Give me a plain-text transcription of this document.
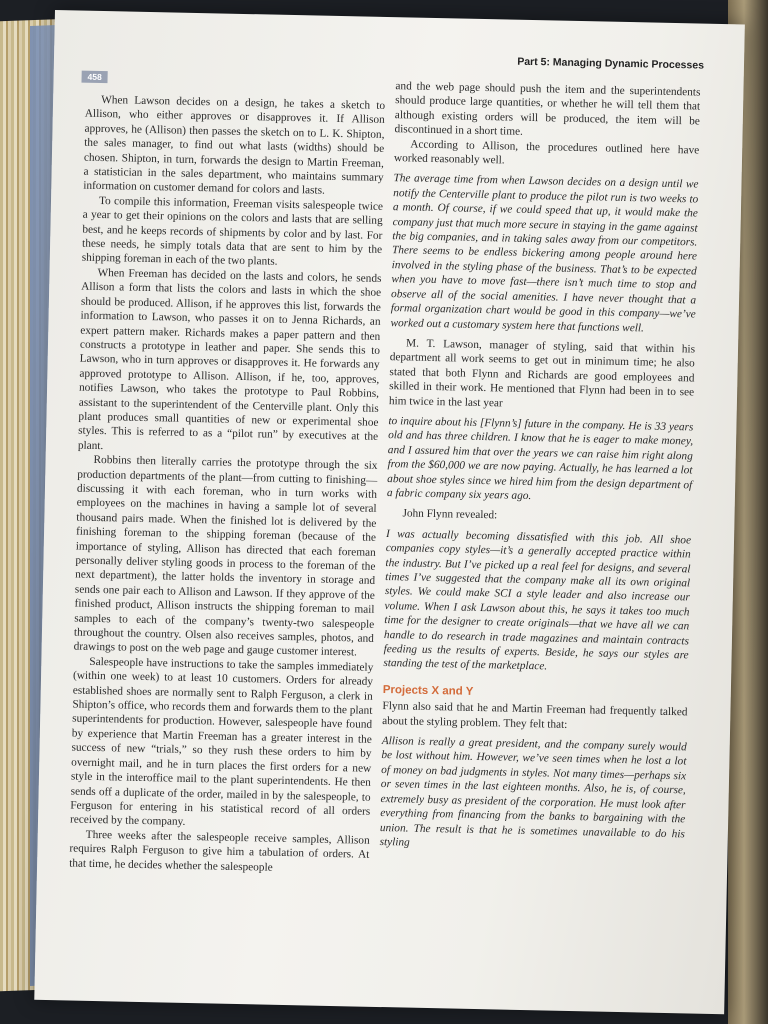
Part 5: Managing Dynamic Processes
458

When Lawson decides on a design, he takes a sketch to Allison, who either approves or disapproves it. If Allison approves, he (Allison) then passes the sketch on to L. K. Shipton, the sales manager, to find out what lasts (widths) should be chosen. Shipton, in turn, forwards the design to Martin Freeman, a statistician in the sales department, who maintains summary information on customer demand for colors and lasts.

To compile this information, Freeman visits salespeople twice a year to get their opinions on the colors and lasts that are selling best, and he keeps records of shipments by color and by last. For these needs, he simply totals data that are sent to him by the shipping foreman in each of the two plants.

When Freeman has decided on the lasts and colors, he sends Allison a form that lists the colors and lasts in which the shoe should be produced. Allison, if he approves this list, forwards the information to Lawson, who passes it on to Jenna Richards, an expert pattern maker. Richards makes a paper pattern and then constructs a prototype in leather and paper. She sends this to Lawson, who in turn approves or disapproves it. He forwards any approved prototype to Allison. Allison, if he, too, approves, notifies Lawson, who takes the prototype to Paul Robbins, assistant to the superintendent of the Centerville plant. Only this plant produces small quantities of new or experimental shoe styles. This is referred to as a “pilot run” by executives at the plant.

Robbins then literally carries the prototype through the six production departments of the plant—from cutting to finishing—discussing it with each foreman, who in turn works with employees on the machines in having a sample lot of several thousand pairs made. When the finished lot is delivered by the finishing foreman to the shipping foreman (because of the importance of styling, Allison has directed that each foreman personally deliver styling goods in process to the foreman of the next department), the latter holds the inventory in storage and sends one pair each to Allison and Lawson. If they approve of the finished product, Allison instructs the shipping foreman to mail samples to each of the company’s twenty-two salespeople throughout the country. Olsen also receives samples, photos, and drawings to post on the web page and gauge customer interest.

Salespeople have instructions to take the samples immediately (within one week) to at least 10 customers. Orders for already established shoes are normally sent to Ralph Ferguson, a clerk in Shipton’s office, who records them and forwards them to the plant superintendents for production. However, salespeople have found by experience that Martin Freeman has a greater interest in the success of new “trials,” so they rush these orders to him by overnight mail, and he in turn places the first orders for a new style in the interoffice mail to the plant superintendents. He then sends off a duplicate of the order, mailed in by the salespeople, to Ferguson for entering in his statistical record of all orders received by the company.

Three weeks after the salespeople receive samples, Allison requires Ralph Ferguson to give him a tabulation of orders. At that time, he decides whether the salespeople

and the web page should push the item and the superintendents should produce large quantities, or whether he will tell them that although existing orders will be produced, the item will be discontinued in a short time.

According to Allison, the procedures outlined here have worked reasonably well.

The average time from when Lawson decides on a design until we notify the Centerville plant to produce the pilot run is two weeks to a month. Of course, if we could speed that up, it would make the company just that much more secure in staying in the game against the big companies, and in taking sales away from our competitors. There seems to be endless bickering among people around here involved in the styling phase of the business. That’s to be expected when you have to move fast—there isn’t much time to stop and observe all of the social amenities. I have never thought that a formal organization chart would be good in this company—we’ve worked out a customary system here that functions well.

M. T. Lawson, manager of styling, said that within his department all work seems to get out in minimum time; he also stated that both Flynn and Richards are good employees and skilled in their work. He mentioned that Flynn had been in to see him twice in the last year

to inquire about his [Flynn’s] future in the company. He is 33 years old and has three children. I know that he is eager to make money, and I assured him that over the years we can raise him right along from the $60,000 we are now paying. Actually, he has learned a lot about shoe styles since we hired him from the design department of a fabric company six years ago.

John Flynn revealed:

I was actually becoming dissatisfied with this job. All shoe companies copy styles—it’s a generally accepted practice within the industry. But I’ve picked up a real feel for designs, and several times I’ve suggested that the company make all its own original styles. We could make SCI a style leader and also increase our volume. When I ask Lawson about this, he says it takes too much time for the designer to create originals—that we have all we can handle to do research in trade magazines and maintain contracts feeding us the results of experts. Beside, he says our styles are standing the test of the marketplace.

Projects X and Y

Flynn also said that he and Martin Freeman had frequently talked about the styling problem. They felt that:

Allison is really a great president, and the company surely would be lost without him. However, we’ve seen times when he lost a lot of money on bad judgments in styles. Not many times—perhaps six or seven times in the last eighteen months. Also, he is, of course, extremely busy as president of the corporation. He must look after everything from financing from the banks to bargaining with the union. The result is that he is sometimes unavailable to do his styling
